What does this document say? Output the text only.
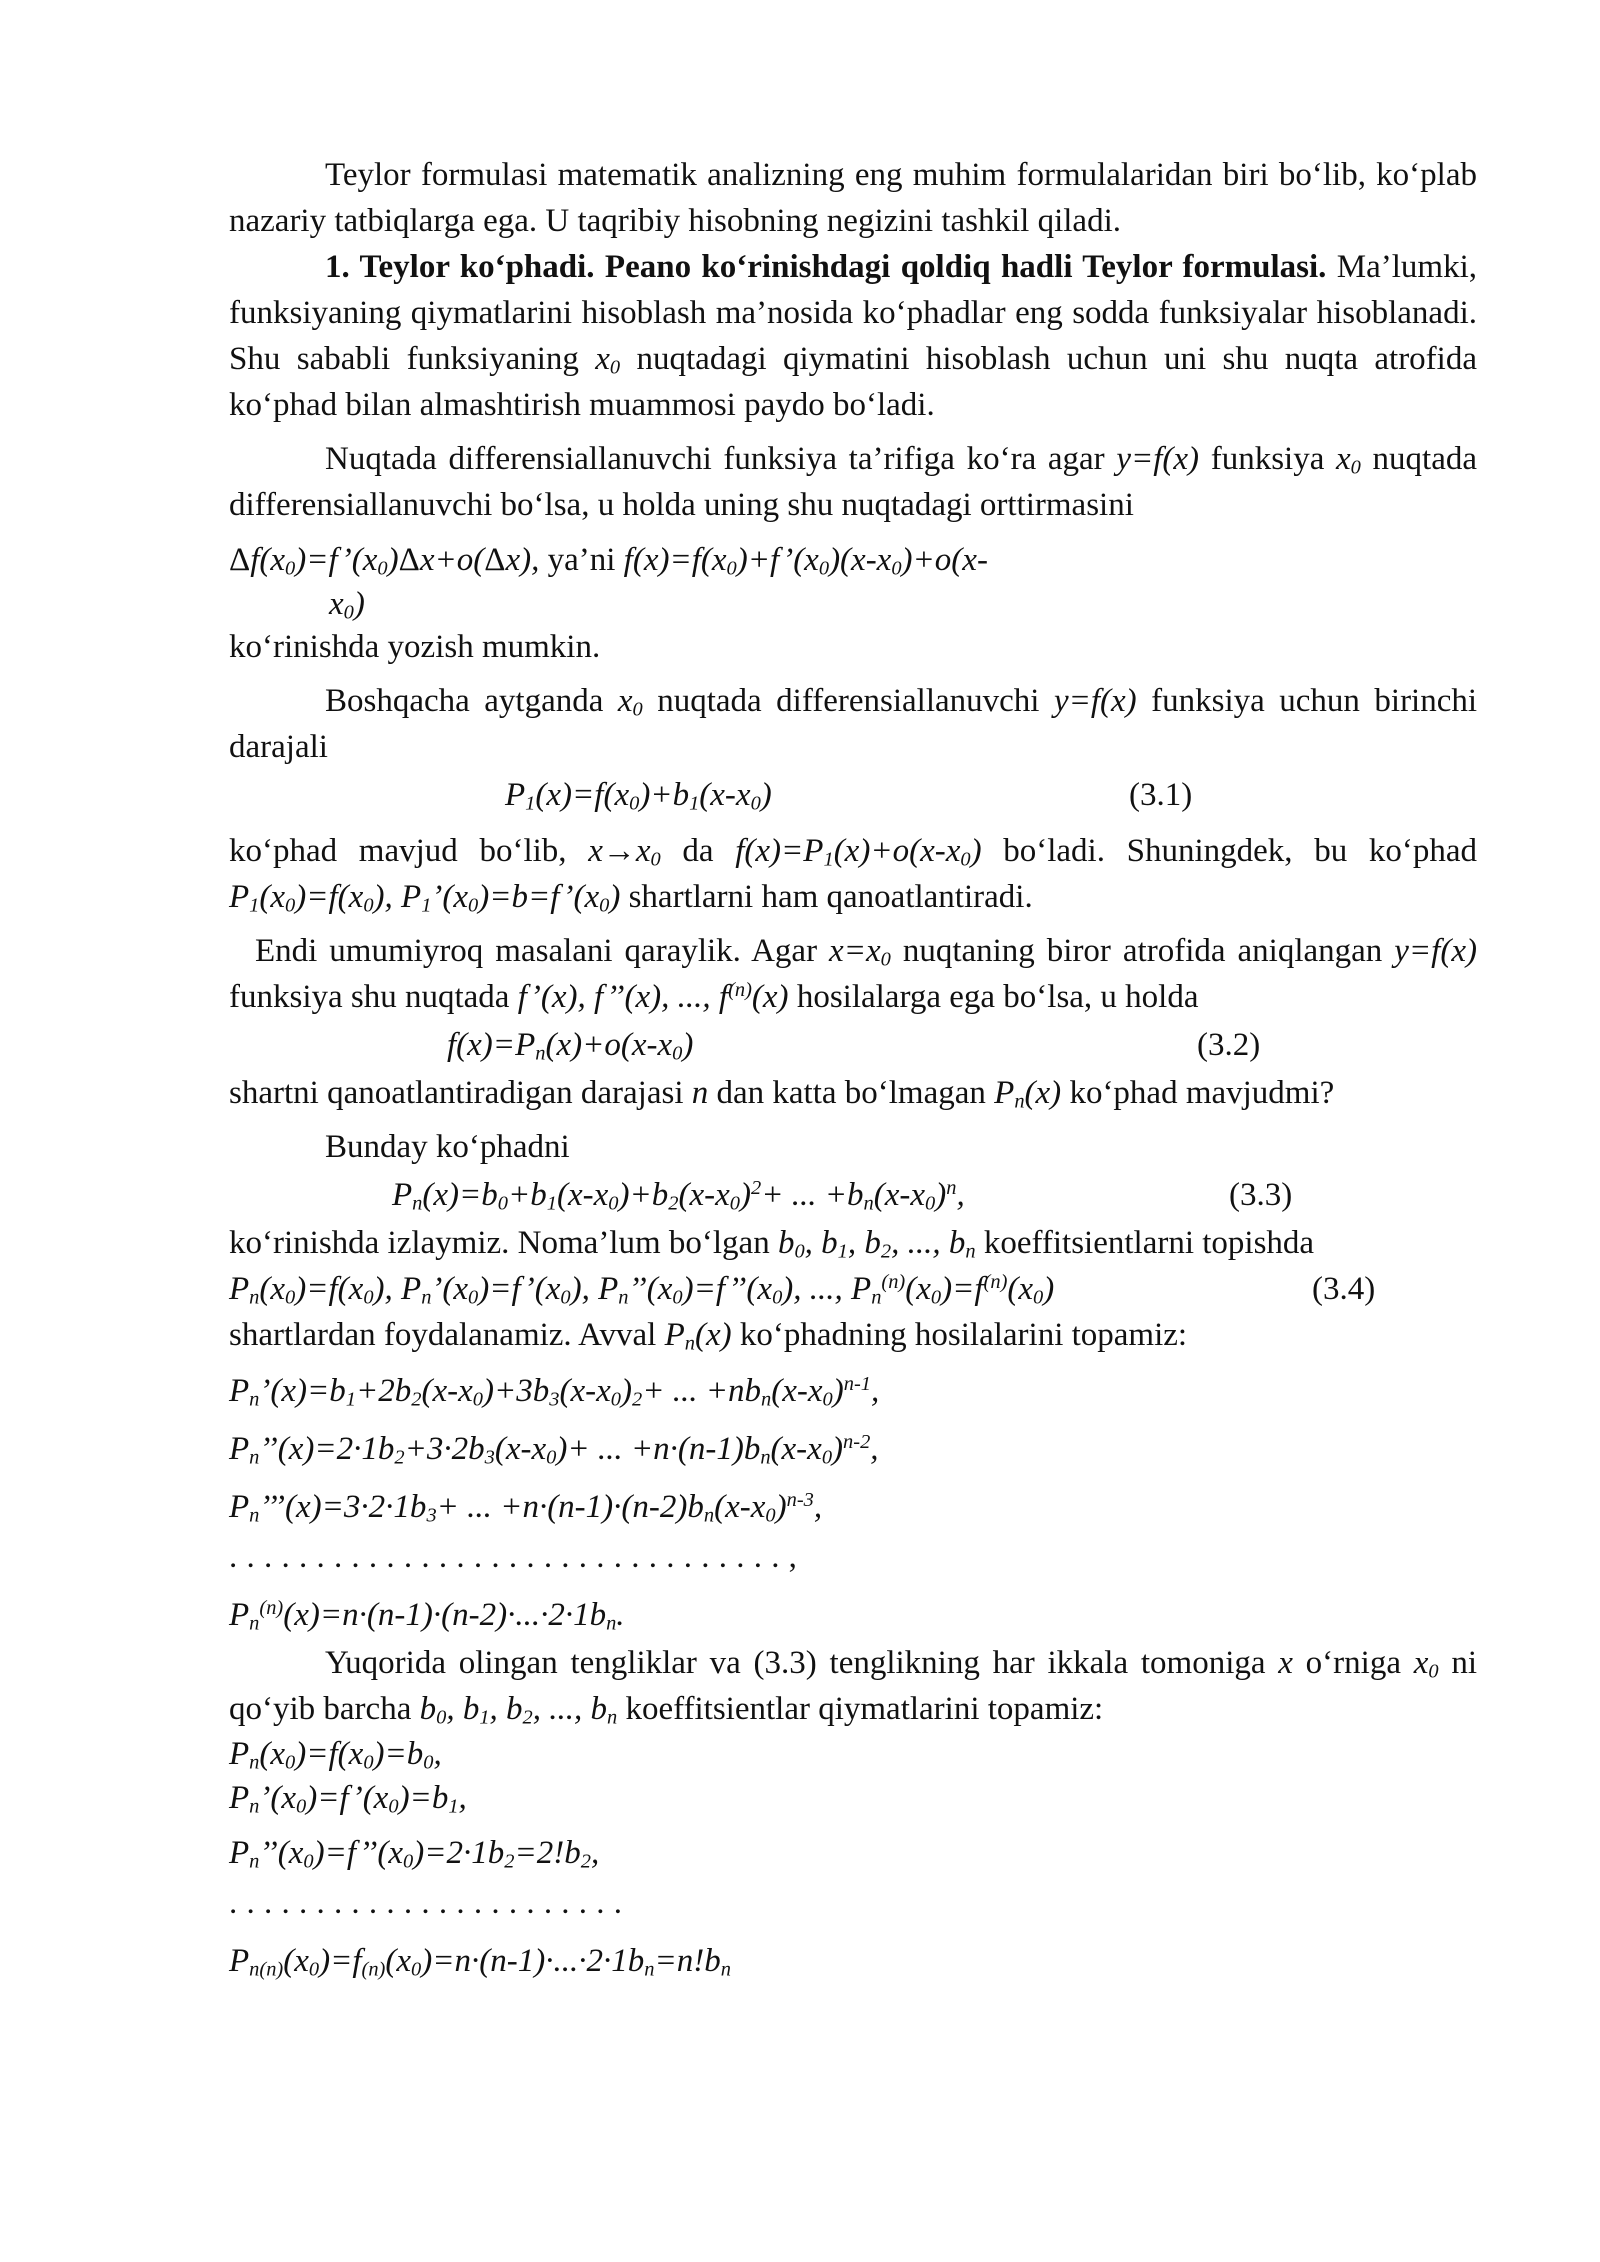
Teylor formulasi matematik analizning eng muhim formulalaridan biri bo‘lib, ko‘plab nazariy tatbiqlarga ega. U taqribiy hisobning negizini tashkil qiladi.

1. Teylor ko‘phadi. Peano ko‘rinishdagi qoldiq hadli Teylor formulasi. Ma’lumki, funksiyaning qiymatlarini hisoblash ma’nosida ko‘phadlar eng sodda funksiyalar hisoblanadi. Shu sababli funksiyaning $x_0$ nuqtadagi qiymatini hisoblash uchun uni shu nuqta atrofida ko‘phad bilan almashtirish muammosi paydo bo‘ladi.

Nuqtada differensiallanuvchi funksiya ta’rifiga ko‘ra agar y=f(x) funksiya $x_0$ nuqtada differensiallanuvchi bo‘lsa, u holda uning shu nuqtadagi orttirmasini

$\Delta f(x_0)=f’(x_0)\Delta x+o(\Delta x)$, ya’ni $f(x)=f(x_0)+f’(x_0)(x-x_0)+o(x-$
$x_0$)

ko‘rinishda yozish mumkin.

Boshqacha aytganda $x_0$ nuqtada differensiallanuvchi y=f(x) funksiya uchun birinchi darajali

$P_1(x)=f(x_0)+b_1(x-x_0)$	(3.1)

ko‘phad mavjud bo‘lib, $x\to x_0$ da $f(x)=P_1(x)+o(x-x_0)$ bo‘ladi. Shuningdek, bu ko‘phad $P_1(x_0)=f(x_0)$, $P_1’(x_0)=b=f’(x_0)$ shartlarni ham qanoatlantiradi.

Endi umumiyroq masalani qaraylik. Agar $x=x_0$ nuqtaning biror atrofida aniqlangan y=f(x) funksiya shu nuqtada f’(x), f’’(x), ..., $f^{(n)}(x)$ hosilalarga ega bo‘lsa, u holda

$f(x)=P_n(x)+o(x-x_0)$	(3.2)

shartni qanoatlantiradigan darajasi n dan katta bo‘lmagan $P_n(x)$ ko‘phad mavjudmi?

Bunday ko‘phadni

$P_n(x)=b_0+b_1(x-x_0)+b_2(x-x_0)^2+$ ... $+b_n(x-x_0)^n$,	(3.3)

ko‘rinishda izlaymiz. Noma’lum bo‘lgan $b_0$, $b_1$, $b_2$, ..., $b_n$ koeffitsientlarni topishda

$P_n(x_0)=f(x_0)$, $P_n’(x_0)=f’(x_0)$, $P_n’’(x_0)=f’’(x_0)$, ..., $P_n^{(n)}(x_0)=f^{(n)}(x_0)$	(3.4)

shartlardan foydalanamiz. Avval $P_n(x)$ ko‘phadning hosilalarini topamiz:

$P_n’(x)=b_1+2b_2(x-x_0)+3b_3(x-x_0)_2+$ ... $+nb_n(x-x_0)^{n-1}$,
$P_n’’(x)=2\cdot 1b_2+3\cdot 2b_3(x-x_0)+$ ... $+n\cdot(n-1)b_n(x-x_0)^{n-2}$,
$P_n’’’(x)=3\cdot 2\cdot 1b_3+$ ... $+n\cdot(n-1)\cdot(n-2)b_n(x-x_0)^{n-3}$,
................................,
$P_n^{(n)}(x)=n\cdot(n-1)\cdot(n-2)\cdot...\cdot 2\cdot 1b_n$.

Yuqorida olingan tengliklar va (3.3) tenglikning har ikkala tomoniga x o‘rniga $x_0$ ni qo‘yib barcha $b_0$, $b_1$, $b_2$, ..., $b_n$ koeffitsientlar qiymatlarini topamiz:

$P_n(x_0)=f(x_0)=b_0$,
$P_n’(x_0)=f’(x_0)=b_1$,
$P_n’’(x_0)=f’’(x_0)=2\cdot 1b_2=2!b_2$,
.......................
$P_{n(n)}(x_0)=f_{(n)}(x_0)=n\cdot(n-1)\cdot...\cdot 2\cdot 1b_n=n!b_n$
